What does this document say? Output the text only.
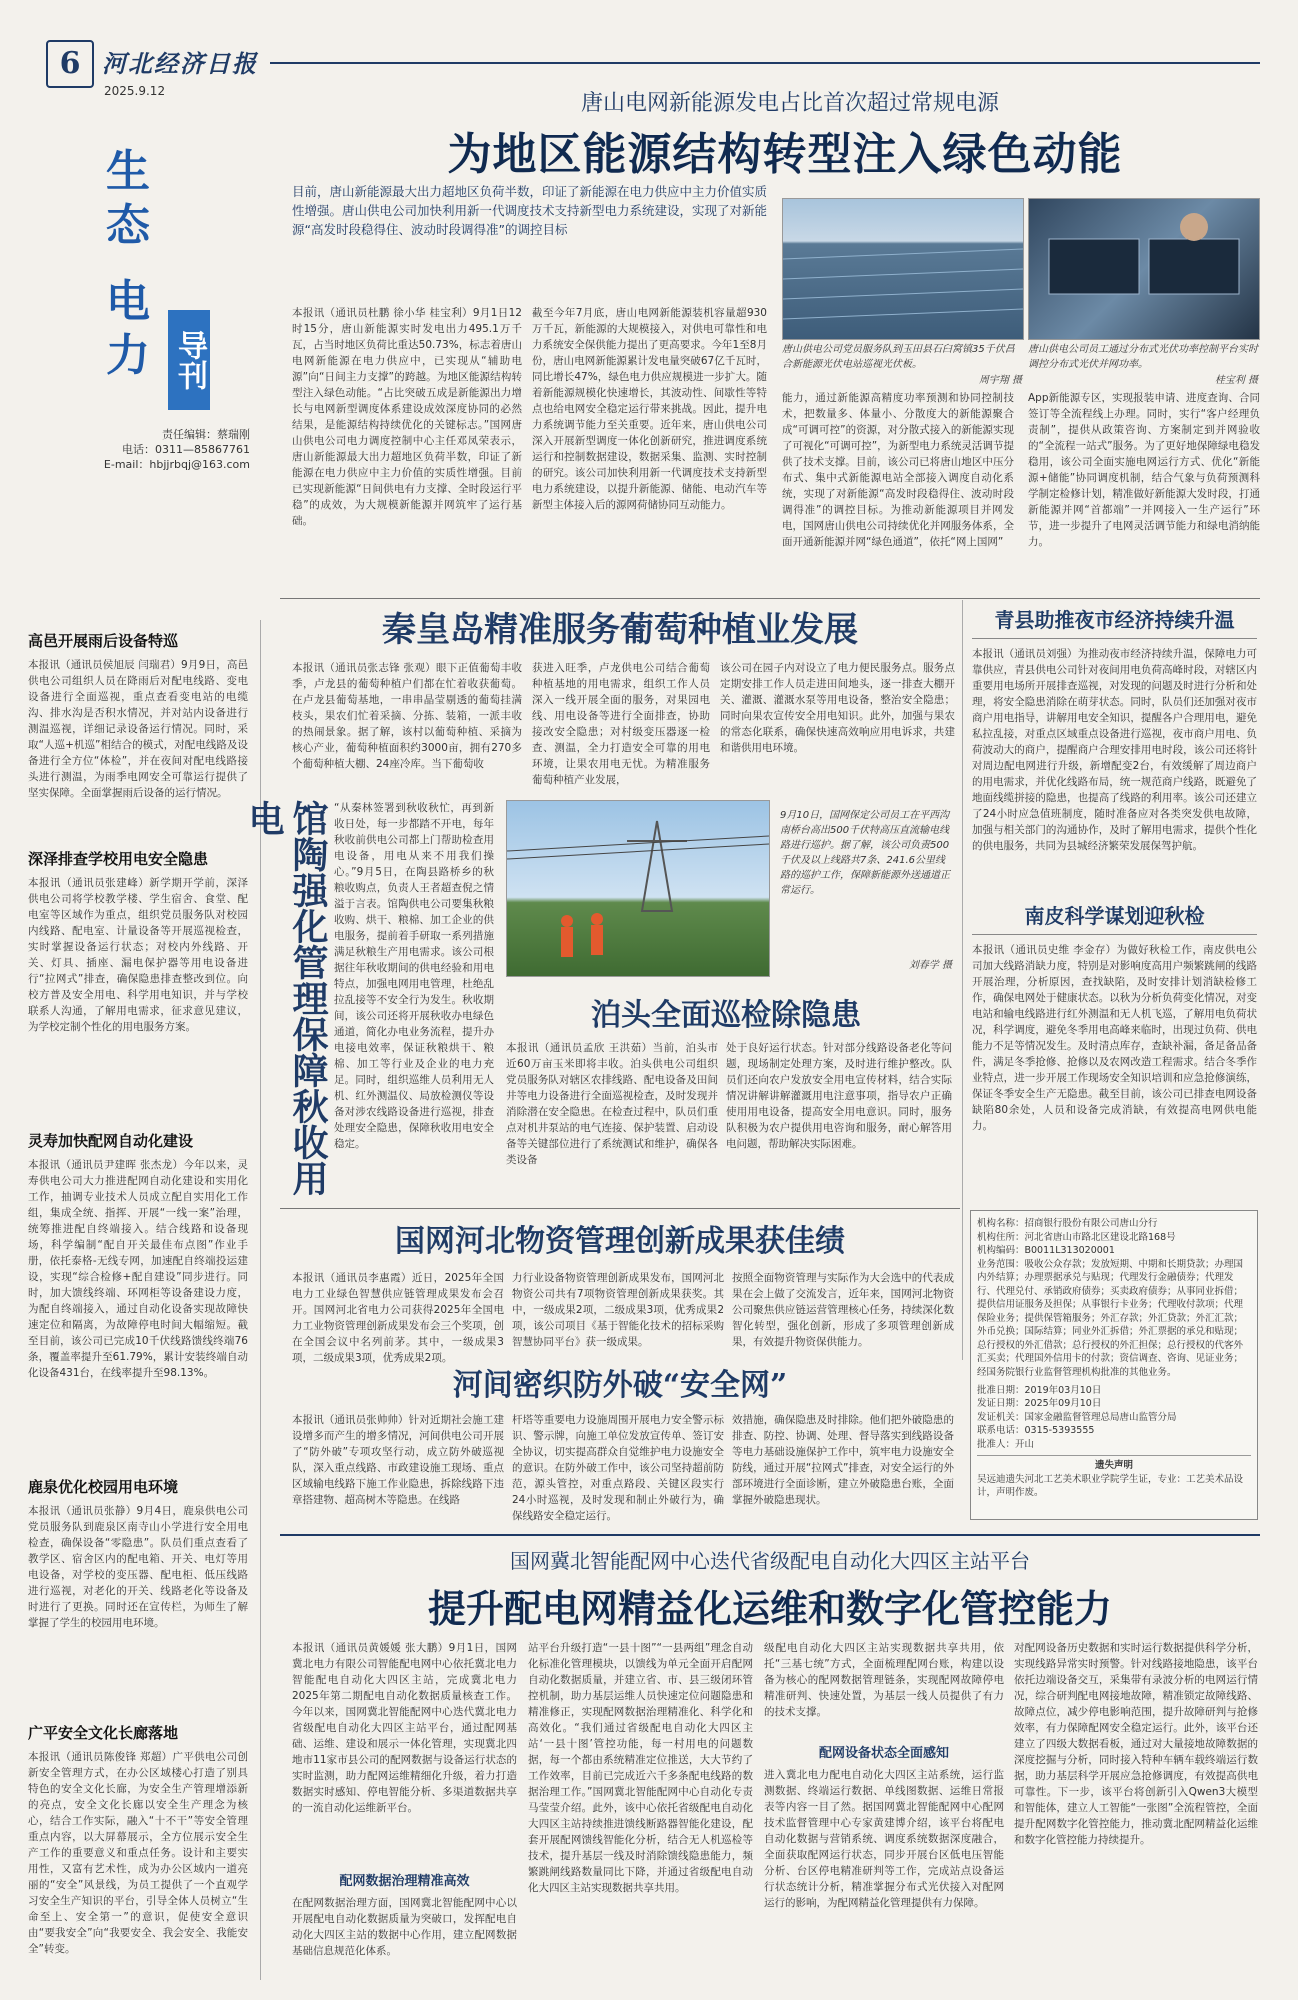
6 河北经济日报
2025.9.12
生
态
电
力 导刊
责任编辑：蔡瑞刚
电话：0311—85867761
E-mail：hbjjrbqj@163.com
唐山电网新能源发电占比首次超过常规电源
为地区能源结构转型注入绿色动能
目前，唐山新能源最大出力超地区负荷半数，印证了新能源在电力供应中主力价值实质性增强。唐山供电公司加快利用新一代调度技术支持新型电力系统建设，实现了对新能源“高发时段稳得住、波动时段调得准”的调控目标
唐山供电公司党员服务队到玉田县石臼窝镇35千伏昌合新能源光伏电站巡视光伏板。
周宇翔 摄
唐山供电公司员工通过分布式光伏功率控制平台实时调控分布式光伏并网功率。
桂宝利 摄
本报讯（通讯员杜鹏 徐小华 桂宝利）9月1日12时15分，唐山新能源实时发电出力495.1万千瓦，占当时地区负荷比重达50.73%，标志着唐山电网新能源在电力供应中，已实现从“辅助电源”向“日间主力支撑”的跨越。为地区能源结构转型注入绿色动能。“占比突破五成是新能源出力增长与电网新型调度体系建设成效深度协同的必然结果，是能源结构持续优化的关键标志。”国网唐山供电公司电力调度控制中心主任邓凤荣表示，唐山新能源最大出力超地区负荷半数，印证了新能源在电力供应中主力价值的实质性增强。目前已实现新能源“日间供电有力支撑、全时段运行平稳”的成效，为大规模新能源并网筑牢了运行基础。
截至今年7月底，唐山电网新能源装机容量超930万千瓦，新能源的大规模接入，对供电可靠性和电力系统安全保供能力提出了更高要求。今年1至8月份，唐山电网新能源累计发电量突破67亿千瓦时，同比增长47%，绿色电力供应规模进一步扩大。随着新能源规模化快速增长，其波动性、间歇性等特点也给电网安全稳定运行带来挑战。因此，提升电力系统调节能力至关重要。近年来，唐山供电公司深入开展新型调度一体化创新研究，推进调度系统运行和控制数据建设，数据采集、监测、实时控制的研究。该公司加快利用新一代调度技术支持新型电力系统建设，以提升新能源、储能、电动汽车等新型主体接入后的源网荷储协同互动能力。
能力，通过新能源高精度功率预测和协同控制技术，把数量多、体量小、分散度大的新能源聚合成“可调可控”的资源，对分散式接入的新能源实现了可视化“可调可控”，为新型电力系统灵活调节提供了技术支撑。目前，该公司已将唐山地区中压分布式、集中式新能源电站全部接入调度自动化系统，实现了对新能源“高发时段稳得住、波动时段调得准”的调控目标。为推动新能源项目并网发电，国网唐山供电公司持续优化并网服务体系，全面开通新能源并网“绿色通道”，依托“网上国网”
App新能源专区，实现报装申请、进度查询、合同签订等全流程线上办理。同时，实行“客户经理负责制”，提供从政策咨询、方案制定到并网验收的“全流程一站式”服务。为了更好地保障绿电稳发稳用，该公司全面实施电网运行方式、优化“新能源+储能”协同调度机制，结合气象与负荷预测科学制定检修计划，精准做好新能源大发时段，打通新能源并网“首都端”一并网接入一生产运行”环节，进一步提升了电网灵活调节能力和绿电消纳能力。
高邑开展雨后设备特巡
本报讯（通讯员侯旭辰 闫瑞君）9月9日，高邑供电公司组织人员在降雨后对配电线路、变电设备进行全面巡视，重点查看变电站的电缆沟、排水沟是否积水情况，并对站内设备进行测温巡视，详细记录设备运行情况。同时，采取“人巡+机巡”相结合的模式，对配电线路及设备进行全方位“体检”，并在夜间对配电线路接头进行测温，为雨季电网安全可靠运行提供了坚实保障。全面掌握雨后设备的运行情况。
深泽排查学校用电安全隐患
本报讯（通讯员张建峰）新学期开学前，深泽供电公司将学校教学楼、学生宿舍、食堂、配电室等区域作为重点，组织党员服务队对校园内线路、配电室、计量设备等开展巡视检查，实时掌握设备运行状态；对校内外线路、开关、灯具、插座、漏电保护器等用电设备进行“拉网式”排查，确保隐患排查整改到位。向校方普及安全用电、科学用电知识，并与学校联系人沟通，了解用电需求，征求意见建议，为学校定制个性化的用电服务方案。
灵寿加快配网自动化建设
本报讯（通讯员尹建晖 张杰龙）今年以来，灵寿供电公司大力推进配网自动化建设和实用化工作，抽调专业技术人员成立配自实用化工作组，集成全统、指挥、开展“一线一案”治理，统筹推进配自终端接入。结合线路和设备现场，科学编制“配自开关最佳布点图”作业手册，依托泰格-无线专网，加速配自终端投运建设，实现“综合检修+配自建设”同步进行。同时，加大馈线终端、环网柜等设备建设力度，为配自终端接入，通过自动化设备实现故障快速定位和隔离，为故障停电时间大幅缩短。截至目前，该公司已完成10千伏线路馈线终端76条，覆盖率提升至61.79%，累计安装终端自动化设备431台，在线率提升至98.13%。
鹿泉优化校园用电环境
本报讯（通讯员张静）9月4日，鹿泉供电公司党员服务队到鹿泉区南寺山小学进行安全用电检查，确保设备“零隐患”。队员们重点查看了教学区、宿舍区内的配电箱、开关、电灯等用电设备，对学校的变压器、配电柜、低压线路进行巡视，对老化的开关、线路老化等设备及时进行了更换。同时还在宣传栏，为师生了解掌握了学生的校园用电环境。
广平安全文化长廊落地
本报讯（通讯员陈俊锋 郑超）广平供电公司创新安全管理方式，在办公区域楼心打造了别具特色的安全文化长廊，为安全生产管理增添新的亮点，安全文化长廊以安全生产理念为核心，结合工作实际，融入“十不干”等安全管理重点内容，以大屏幕展示，全方位展示安全生产工作的重要意义和重点任务。设计和主要实用性，又富有艺术性，成为办公区域内一道亮丽的“安全”风景线，为员工提供了一个直观学习安全生产知识的平台，引导全体人员树立“生命至上、安全第一”的意识，促使安全意识由“要我安全”向“我要安全、我会安全、我能安全”转变。
秦皇岛精准服务葡萄种植业发展
本报讯（通讯员张志锋 张观）眼下正值葡萄丰收季，卢龙县的葡萄种植户们都在忙着收获葡萄。在卢龙县葡萄基地，一串串晶莹剔透的葡萄挂满枝头，果农们忙着采摘、分拣、装箱，一派丰收的热闹景象。据了解，该村以葡萄种植、采摘为核心产业，葡萄种植面积约3000亩，拥有270多个葡萄种植大棚、24座冷库。当下葡萄收
获进入旺季，卢龙供电公司结合葡萄种植基地的用电需求，组织工作人员深入一线开展全面的服务，对果园电线、用电设备等进行全面排查，协助接改安全隐患；对村级变压器逐一检查、测温，全力打造安全可靠的用电环境，让果农用电无忧。为精准服务葡萄种植产业发展，
该公司在园子内对设立了电力便民服务点。服务点定期安排工作人员走进田间地头，逐一排查大棚开关、灌溉、灌溉水泵等用电设备，整治安全隐患；同时向果农宣传安全用电知识。此外，加强与果农的常态化联系，确保快速高效响应用电诉求，共建和谐供用电环境。
馆陶强化管理保障秋收用电	“从秦林签署到秋收秋忙，再到新收日处，每一步都踏不开电，每年秋收前供电公司都上门帮助检查用电设备，用电从来不用我们操心。”9月5日，在陶县路桥乡的秋粮收购点，负责人王者超查倪之情溢于言表。馆陶供电公司要集秋粮收购、烘干、粮棉、加工企业的供电服务，提前着手研取一系列措施满足秋粮生产用电需求。该公司根据往年秋收期间的供电经验和用电特点，加强电网用电管理，杜绝乱拉乱接等不安全行为发生。秋收期间，该公司还将开展秋收办电绿色通道，简化办电业务流程，提升办电接电效率，保证秋粮烘干、粮棉、加工等行业及企业的电力充足。同时，组织巡维人员利用无人机、红外测温仪、局放检测仪等设备对涉农线路设备进行巡视，排查处理安全隐患，保障秋收用电安全稳定。
9月10日，国网保定公司员工在平西沟南桥台高出500千伏特高压直流输电线路进行巡护。据了解，该公司负责500千伏及以上线路共7条、241.6公里线路的巡护工作，保障新能源外送通道正常运行。
刘春学 摄
泊头全面巡检除隐患
本报讯（通讯员孟欣 王洪茹）当前，泊头市近60万亩玉米即将丰收。泊头供电公司组织党员服务队对辖区农排线路、配电设备及田间井等电力设备进行全面巡视检查，及时发现并消除潜在安全隐患。在检查过程中，队员们重点对机井泵站的电气连接、保护装置、启动设备等关键部位进行了系统测试和维护，确保各类设备
处于良好运行状态。针对部分线路设备老化等问题，现场制定处理方案，及时进行维护整改。队员们还向农户发放安全用电宣传材料，结合实际情况讲解讲解灌溉用电注意事项，指导农户正确使用用电设备，提高安全用电意识。同时，服务队积极为农户提供用电咨询和服务，耐心解答用电问题，帮助解决实际困难。
青县助推夜市经济持续升温
本报讯（通讯员刘强）为推动夜市经济持续升温，保障电力可靠供应，青县供电公司针对夜间用电负荷高峰时段，对辖区内重要用电场所开展排查巡视，对发现的问题及时进行分析和处理，将安全隐患消除在萌芽状态。同时，队员们还加强对夜市商户用电指导，讲解用电安全知识，提醒各户合理用电，避免私拉乱接，对重点区域重点设备进行巡视，夜市商户用电、负荷波动大的商户，提醒商户合理安排用电时段，该公司还将针对周边配电网进行升级，新增配变2台，有效缓解了周边商户的用电需求，并优化线路布局，统一规范商户线路，既避免了地面线缆拼接的隐患，也提高了线路的利用率。该公司还建立了24小时应急值班制度，随时准备应对各类突发供电故障，加强与相关部门的沟通协作，及时了解用电需求，提供个性化的供电服务，共同为县城经济繁荣发展保驾护航。
南皮科学谋划迎秋检
本报讯（通讯员史维 李金存）为做好秋检工作，南皮供电公司加大线路消缺力度，特别是对影响度高用户频繁跳闸的线路开展治理，分析原因，查找缺陷，及时安排计划消缺检修工作，确保电网处于健康状态。以秋为分析负荷变化情况，对变电站和输电线路进行红外测温和无人机飞巡，了解用电负荷状况，科学调度，避免冬季用电高峰来临时，出现过负荷、供电能力不足等情况发生。及时清点库存，查缺补漏，备足备品备件，满足冬季抢修、抢修以及农网改造工程需求。结合冬季作业特点，进一步开展工作现场安全知识培训和应急抢修演练，保证冬季安全生产无隐患。截至目前，该公司已排查电网设备缺陷80余处，人员和设备完成消缺，有效提高电网供电能力。
机构名称：招商银行股份有限公司唐山分行
机构住所：河北省唐山市路北区建设北路168号
机构编码：B0011L313020001
业务范围：吸收公众存款；发放短期、中期和长期贷款；办理国内外结算；办理票据承兑与贴现；代理发行金融债券；代理发行、代理兑付、承销政府债券；买卖政府债券；从事同业拆借；提供信用证服务及担保；从事银行卡业务；代理收付款项；代理保险业务；提供保管箱服务；外汇存款；外汇贷款；外汇汇款；外币兑换；国际结算；同业外汇拆借；外汇票据的承兑和贴现；总行授权的外汇借款；总行授权的外汇担保；总行授权的代客外汇买卖；代理国外信用卡的付款；资信调查、咨询、见证业务；经国务院银行业监督管理机构批准的其他业务。
批准日期：2019年03月10日
发证日期：2025年09月10日
发证机关：国家金融监督管理总局唐山监管分局
联系电话：0315-5393555
批准人：开山
遗失声明
吴远迪遗失河北工艺美术职业学院学生证，专业：工艺美术品设计，声明作废。
国网河北物资管理创新成果获佳绩
本报讯（通讯员李惠霞）近日，2025年全国电力工业绿色智慧供应链管理成果发布会召开。国网河北省电力公司获得2025年全国电力工业物资管理创新成果发布会三个奖项，创在全国会议中名列前茅。其中，一级成果3项，二级成果3项，优秀成果2项。
力行业设备物资管理创新成果发布，国网河北物资公司共有7项物资管理创新成果获奖。其中，一级成果2项，二级成果3项，优秀成果2项，该公司项目《基于智能化技术的招标采购智慧协同平台》获一级成果。
按照全面物资管理与实际作为大会选中的代表成果在会上做了交流发言，近年来，国网河北物资公司聚焦供应链运营管理核心任务，持续深化数智化转型，强化创新，形成了多项管理创新成果，有效提升物资保供能力。
河间密织防外破“安全网”
本报讯（通讯员张帅帅）针对近期社会施工建设增多而产生的增多情况，河间供电公司开展了“防外破”专项攻坚行动，成立防外破巡视队，深入重点线路、市政建设施工现场、重点区域输电线路下施工作业隐患，拆除线路下违章搭建物、超高树木等隐患。在线路
杆塔等重要电力设施周围开展电力安全警示标识、警示牌，向施工单位发放宣传单、签订安全协议，切实提高群众自觉维护电力设施安全的意识。在防外破工作中，该公司坚持超前防范，源头管控，对重点路段、关键区段实行24小时巡视，及时发现和制止外破行为，确保线路安全稳定运行。
效措施，确保隐患及时排除。他们把外破隐患的排查、防控、协调、处理、督导落实到线路设备等电力基础设施保护工作中，筑牢电力设施安全防线，通过开展“拉网式”排查，对安全运行的外部环境进行全面诊断，建立外破隐患台账，全面掌握外破隐患现状。
国网冀北智能配网中心迭代省级配电自动化大四区主站平台
提升配电网精益化运维和数字化管控能力
本报讯（通讯员黄媛媛 张大鹏）9月1日，国网冀北电力有限公司智能配电网中心依托冀北电力智能配电自动化大四区主站，完成冀北电力2025年第二期配电自动化数据质量核查工作。今年以来，国网冀北智能配网中心迭代冀北电力省级配电自动化大四区主站平台，通过配网基础、运维、建设和展示一体化管理，实现冀北四地市11家市县公司的配网数据与设备运行状态的实时监测，助力配网运维精细化升级，着力打造数据实时感知、停电智能分析、多渠道数据共享的一流自动化运维新平台。
配网数据治理精准高效
在配网数据治理方面，国网冀北智能配网中心以开展配电自动化数据质量为突破口，发挥配电自动化大四区主站的数据中心作用，建立配网数据基础信息规范化体系。
站平台升级打造“一县十图”“一县两组”理念自动化标准化管理模块，以馈线为单元全面开启配网自动化数据质量，并建立省、市、县三级闭环管控机制，助力基层运维人员快速定位问题隐患和精准修正，实现配网数据治理精准化、科学化和高效化。“我们通过省级配电自动化大四区主站‘一县十图’管控功能，每一村用电的问题数据，每一个都由系统精准定位推送，大大节约了工作效率，目前已完成近六千多条配电线路的数据治理工作。”国网冀北智能配网中心自动化专责马莹莹介绍。此外，该中心依托省级配电自动化大四区主站持续推进馈线断路器智能化建设，配套开展配网馈线智能化分析，结合无人机巡检等技术，提升基层一线及时消除馈线隐患能力，频繁跳闸线路数量同比下降，并通过省级配电自动化大四区主站实现数据共享共用。
级配电自动化大四区主站实现数据共享共用，依托“三基七统”方式，全面梳理配网台账，构建以设备为核心的配网数据管理链条，实现配网故障停电精准研判、快速处置，为基层一线人员提供了有力的技术支撑。
配网设备状态全面感知
进入冀北电力配电自动化大四区主站系统，运行监测数据、终端运行数据、单线图数据、运维日常报表等内容一目了然。据国网冀北智能配网中心配网技术监督管理中心专家黄建博介绍，该平台将配电自动化数据与营销系统、调度系统数据深度融合，全面获取配网运行状态，同步开展台区低电压智能分析、台区停电精准研判等工作，完成站点设备运行状态统计分析，精准掌握分布式光伏接入对配网运行的影响，为配网精益化管理提供有力保障。
对配网设备历史数据和实时运行数据提供科学分析，实现线路异常实时预警。针对线路接地隐患，该平台依托边端设备交互，采集带有录波分析的电网运行情况，综合研判配电网接地故障，精准锁定故障线路、故障点位，减少停电影响范围，提升故障研判与抢修效率，有力保障配网安全稳定运行。此外，该平台还建立了四级大数据看板，通过对大量接地故障数据的深度挖掘与分析，同时接入特种车辆车载终端运行数据，助力基层科学开展应急抢修调度，有效提高供电可靠性。下一步，该平台将创新引入Qwen3大模型和智能体，建立人工智能“一张图”全流程管控，全面提升配网数字化管控能力，推动冀北配网精益化运维和数字化管控能力持续提升。
